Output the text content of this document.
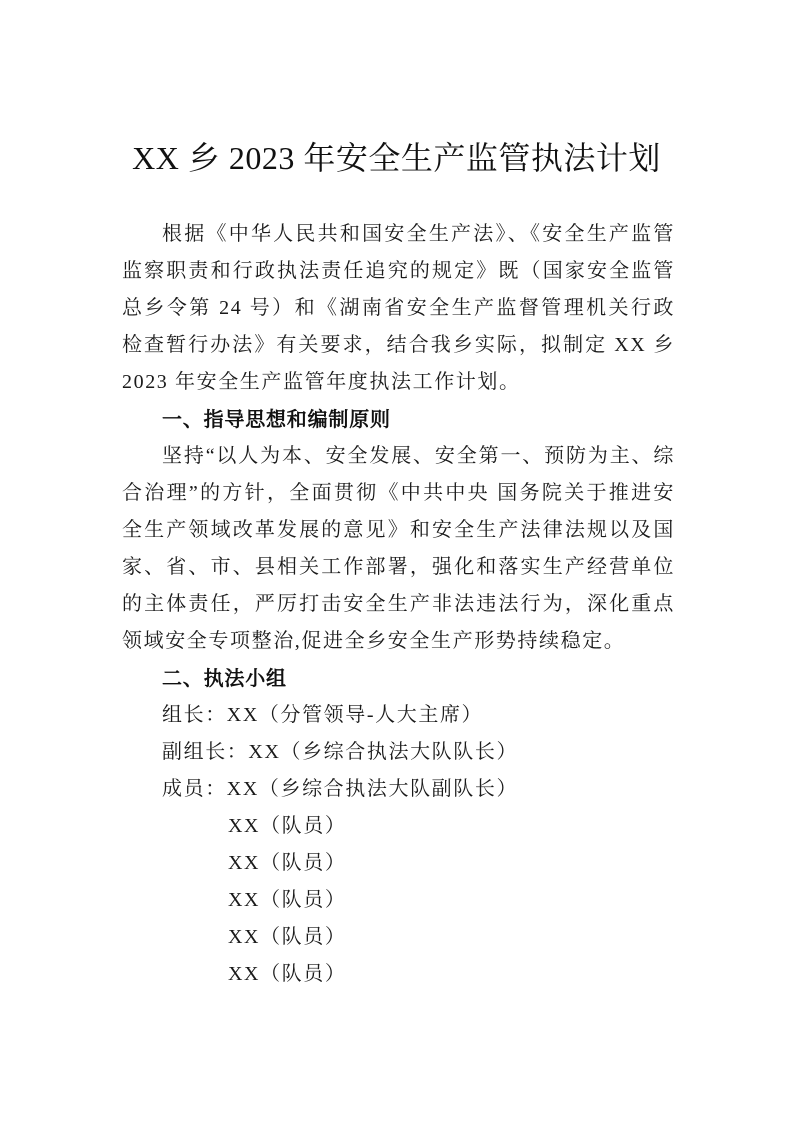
XX 乡 2023 年安全生产监管执法计划

根据《中华人民共和国安全生产法》、《安全生产监管监察职责和行政执法责任追究的规定》既（国家安全监管总乡令第 24 号）和《湖南省安全生产监督管理机关行政检查暂行办法》有关要求，结合我乡实际，拟制定 XX 乡 2023 年安全生产监管年度执法工作计划。

一、指导思想和编制原则

坚持“以人为本、安全发展、安全第一、预防为主、综合治理”的方针，全面贯彻《中共中央 国务院关于推进安全生产领域改革发展的意见》和安全生产法律法规以及国家、省、市、县相关工作部署，强化和落实生产经营单位的主体责任，严厉打击安全生产非法违法行为，深化重点领域安全专项整治,促进全乡安全生产形势持续稳定。

二、执法小组

组长：XX（分管领导-人大主席）

副组长：XX（乡综合执法大队队长）

成员：XX（乡综合执法大队副队长）

XX（队员）

XX（队员）

XX（队员）

XX（队员）

XX（队员）
